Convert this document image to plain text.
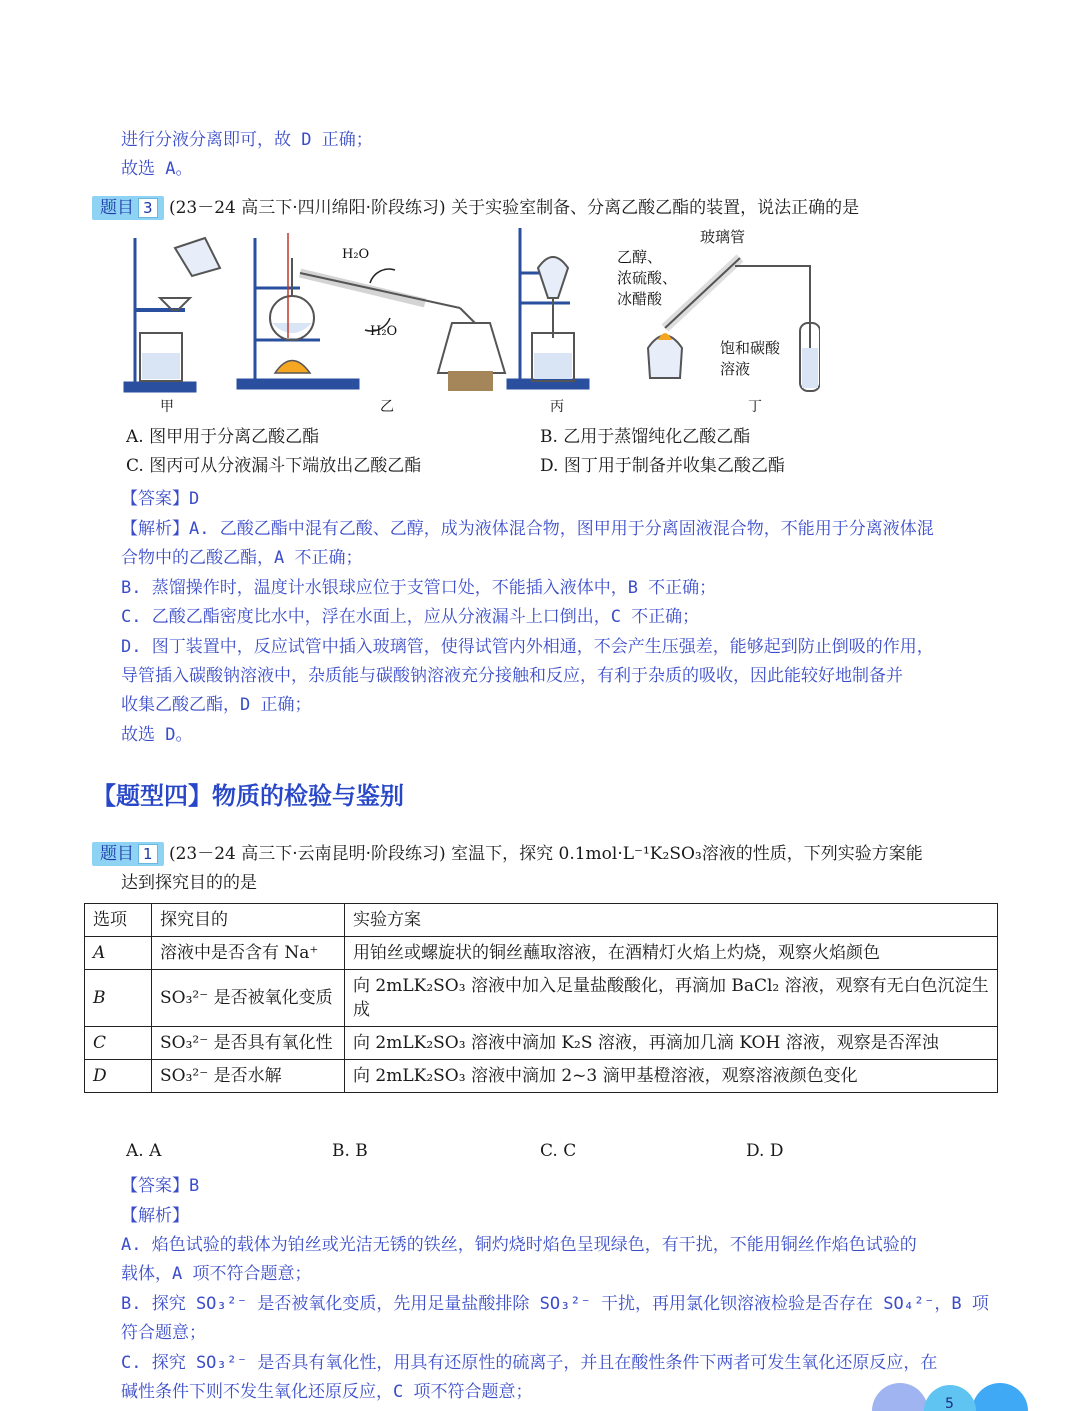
进行分液分离即可，故 D 正确；
故选 A。
题目 3 (23－24 高三下·四川绵阳·阶段练习) 关于实验室制备、分离乙酸乙酯的装置，说法正确的是
H₂O
H₂O
玻璃管
乙醇、
浓硫酸、
冰醋酸
饱和碳酸
溶液
甲	乙	丙	丁
A. 图甲用于分离乙酸乙酯	B. 乙用于蒸馏纯化乙酸乙酯
C. 图丙可从分液漏斗下端放出乙酸乙酯	D. 图丁用于制备并收集乙酸乙酯
【答案】D
【解析】A. 乙酸乙酯中混有乙酸、乙醇，成为液体混合物，图甲用于分离固液混合物，不能用于分离液体混
合物中的乙酸乙酯，A 不正确；
B. 蒸馏操作时，温度计水银球应位于支管口处，不能插入液体中，B 不正确；
C. 乙酸乙酯密度比水中，浮在水面上，应从分液漏斗上口倒出，C 不正确；
D. 图丁装置中，反应试管中插入玻璃管，使得试管内外相通，不会产生压强差，能够起到防止倒吸的作用，
导管插入碳酸钠溶液中，杂质能与碳酸钠溶液充分接触和反应，有利于杂质的吸收，因此能较好地制备并
收集乙酸乙酯，D 正确；
故选 D。
【题型四】物质的检验与鉴别
题目 1 (23－24 高三下·云南昆明·阶段练习) 室温下，探究 0.1mol·L⁻¹K₂SO₃溶液的性质，下列实验方案能
达到探究目的的是
选项	探究目的	实验方案
A	溶液中是否含有 Na⁺	用铂丝或螺旋状的铜丝蘸取溶液，在酒精灯火焰上灼烧，观察火焰颜色
B	SO₃²⁻ 是否被氧化变质	向 2mLK₂SO₃ 溶液中加入足量盐酸酸化，再滴加 BaCl₂ 溶液，观察有无白色沉淀生成
C	SO₃²⁻ 是否具有氧化性	向 2mLK₂SO₃ 溶液中滴加 K₂S 溶液，再滴加几滴 KOH 溶液，观察是否浑浊
D	SO₃²⁻ 是否水解	向 2mLK₂SO₃ 溶液中滴加 2~3 滴甲基橙溶液，观察溶液颜色变化
A. A	B. B	C. C	D. D
【答案】B
【解析】
A. 焰色试验的载体为铂丝或光洁无锈的铁丝，铜灼烧时焰色呈现绿色，有干扰，不能用铜丝作焰色试验的
载体，A 项不符合题意；
B. 探究 SO₃²⁻ 是否被氧化变质，先用足量盐酸排除 SO₃²⁻ 干扰，再用氯化钡溶液检验是否存在 SO₄²⁻，B 项
符合题意；
C. 探究 SO₃²⁻ 是否具有氧化性，用具有还原性的硫离子，并且在酸性条件下两者可发生氧化还原反应，在
碱性条件下则不发生氧化还原反应，C 项不符合题意；
5
